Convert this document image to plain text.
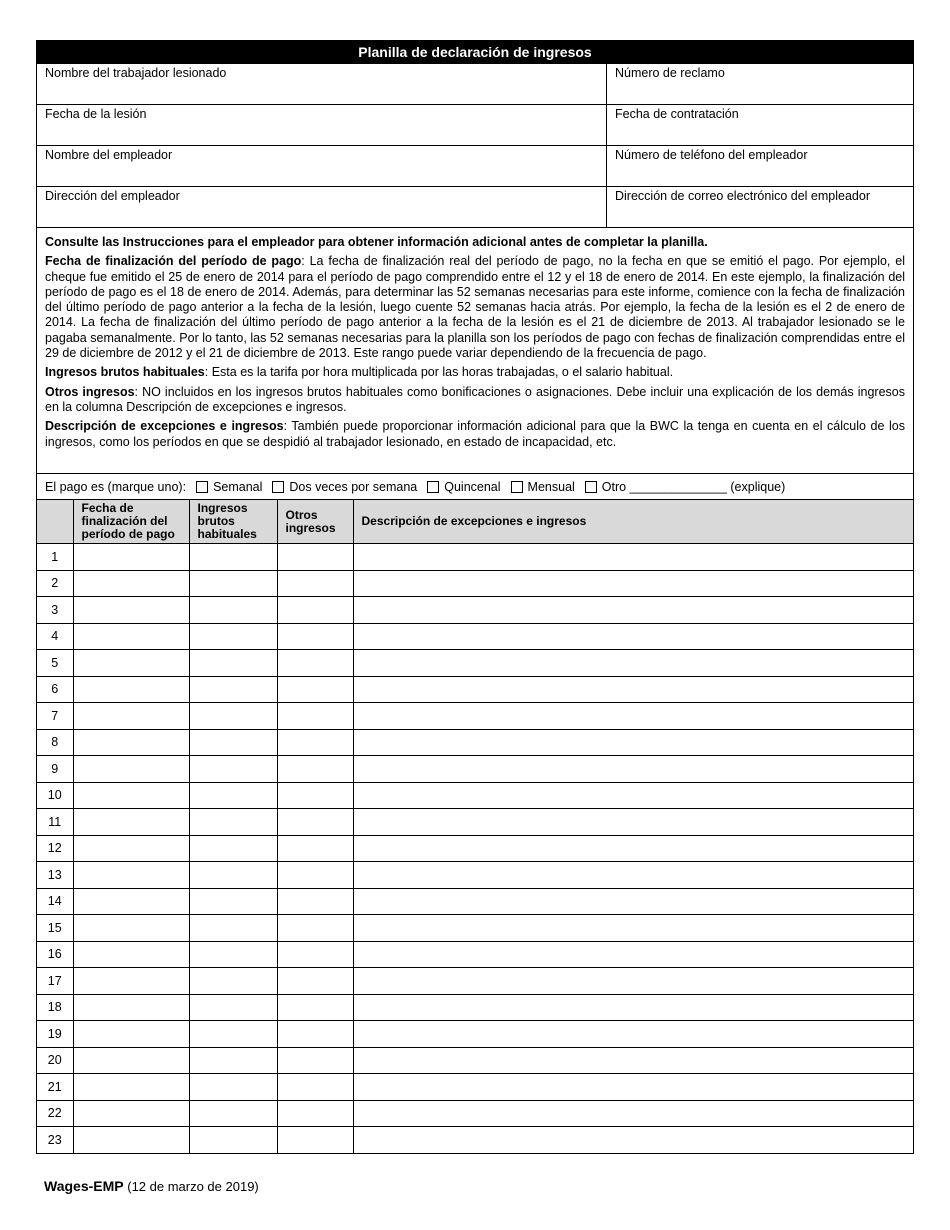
Planilla de declaración de ingresos
Nombre del trabajador lesionado	Número de reclamo
Fecha de la lesión	Fecha de contratación
Nombre del empleador	Número de teléfono del empleador
Dirección del empleador	Dirección de correo electrónico del empleador

Consulte las Instrucciones para el empleador para obtener información adicional antes de completar la planilla.

Fecha de finalización del período de pago: La fecha de finalización real del período de pago, no la fecha en que se emitió el pago. Por ejemplo, el cheque fue emitido el 25 de enero de 2014 para el período de pago comprendido entre el 12 y el 18 de enero de 2014. En este ejemplo, la finalización del período de pago es el 18 de enero de 2014. Además, para determinar las 52 semanas necesarias para este informe, comience con la fecha de finalización del último período de pago anterior a la fecha de la lesión, luego cuente 52 semanas hacia atrás. Por ejemplo, la fecha de la lesión es el 2 de enero de 2014. La fecha de finalización del último período de pago anterior a la fecha de la lesión es el 21 de diciembre de 2013. Al trabajador lesionado se le pagaba semanalmente. Por lo tanto, las 52 semanas necesarias para la planilla son los períodos de pago con fechas de finalización comprendidas entre el 29 de diciembre de 2012 y el 21 de diciembre de 2013. Este rango puede variar dependiendo de la frecuencia de pago.

Ingresos brutos habituales: Esta es la tarifa por hora multiplicada por las horas trabajadas, o el salario habitual.

Otros ingresos: NO incluidos en los ingresos brutos habituales como bonificaciones o asignaciones. Debe incluir una explicación de los demás ingresos en la columna Descripción de excepciones e ingresos.

Descripción de excepciones e ingresos: También puede proporcionar información adicional para que la BWC la tenga en cuenta en el cálculo de los ingresos, como los períodos en que se despidió al trabajador lesionado, en estado de incapacidad, etc.

El pago es (marque uno): Semanal Dos veces por semana Quincenal Mensual Otro ______________ (explique)
	Fecha de finalización del período de pago	Ingresos brutos habituales	Otros ingresos	Descripción de excepciones e ingresos
1				
2				
3				
4				
5				
6				
7				
8				
9				
10				
11				
12				
13				
14				
15				
16				
17				
18				
19				
20				
21				
22				
23				
Wages-EMP (12 de marzo de 2019)
